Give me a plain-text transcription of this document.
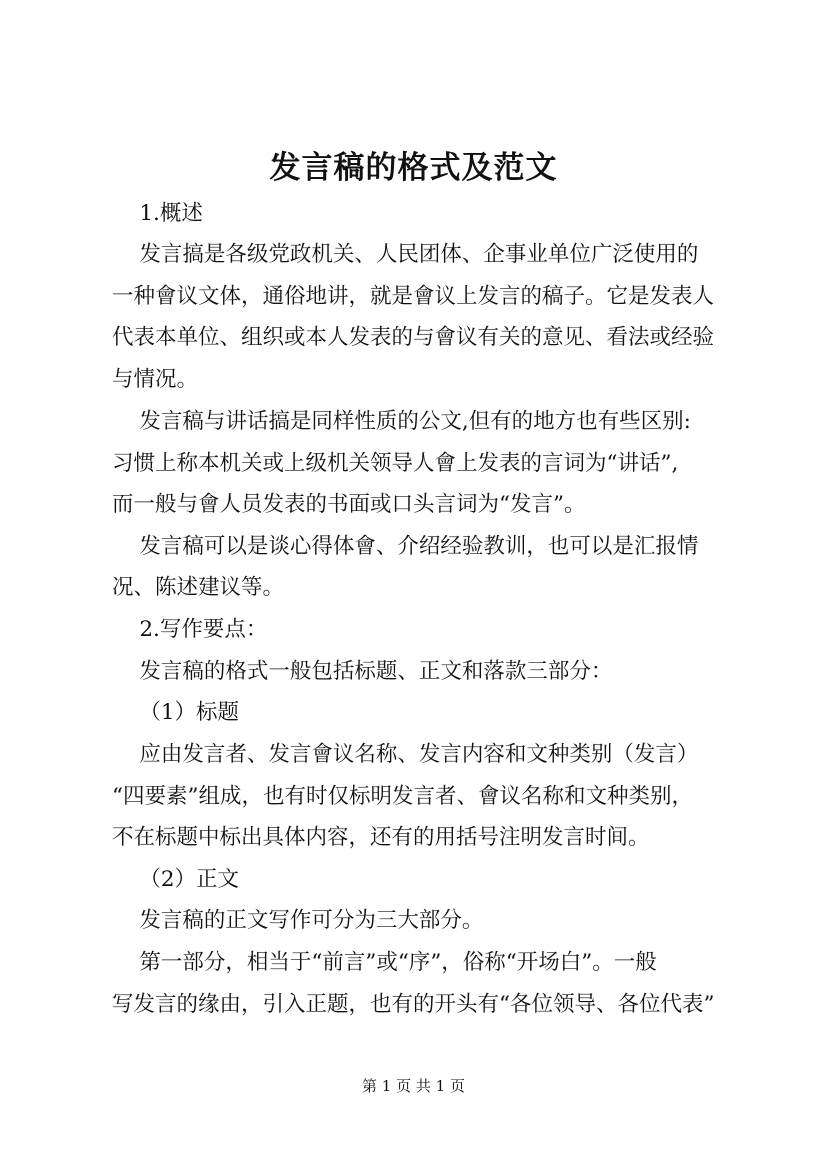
发言稿的格式及范文
1.概述
发言搞是各级党政机关、人民团体、企事业单位广泛使用的
一种會议文体，通俗地讲，就是會议上发言的稿子。它是发表人
代表本单位、组织或本人发表的与會议有关的意见、看法或经验
与情况。
发言稿与讲话搞是同样性质的公文,但有的地方也有些区别:
习惯上称本机关或上级机关领导人會上发表的言词为“讲话”,
而一般与會人员发表的书面或口头言词为“发言”。
发言稿可以是谈心得体會、介绍经验教训，也可以是汇报情
况、陈述建议等。
2.写作要点：
发言稿的格式一般包括标题、正文和落款三部分：
（1）标题
应由发言者、发言會议名称、发言内容和文种类别（发言）
“四要素”组成，也有时仅标明发言者、會议名称和文种类别，
不在标题中标出具体内容，还有的用括号注明发言时间。
（2）正文
发言稿的正文写作可分为三大部分。
第一部分，相当于“前言”或“序”，俗称“开场白”。一般
写发言的缘由，引入正题，也有的开头有“各位领导、各位代表”
第 1 页 共 1 页
